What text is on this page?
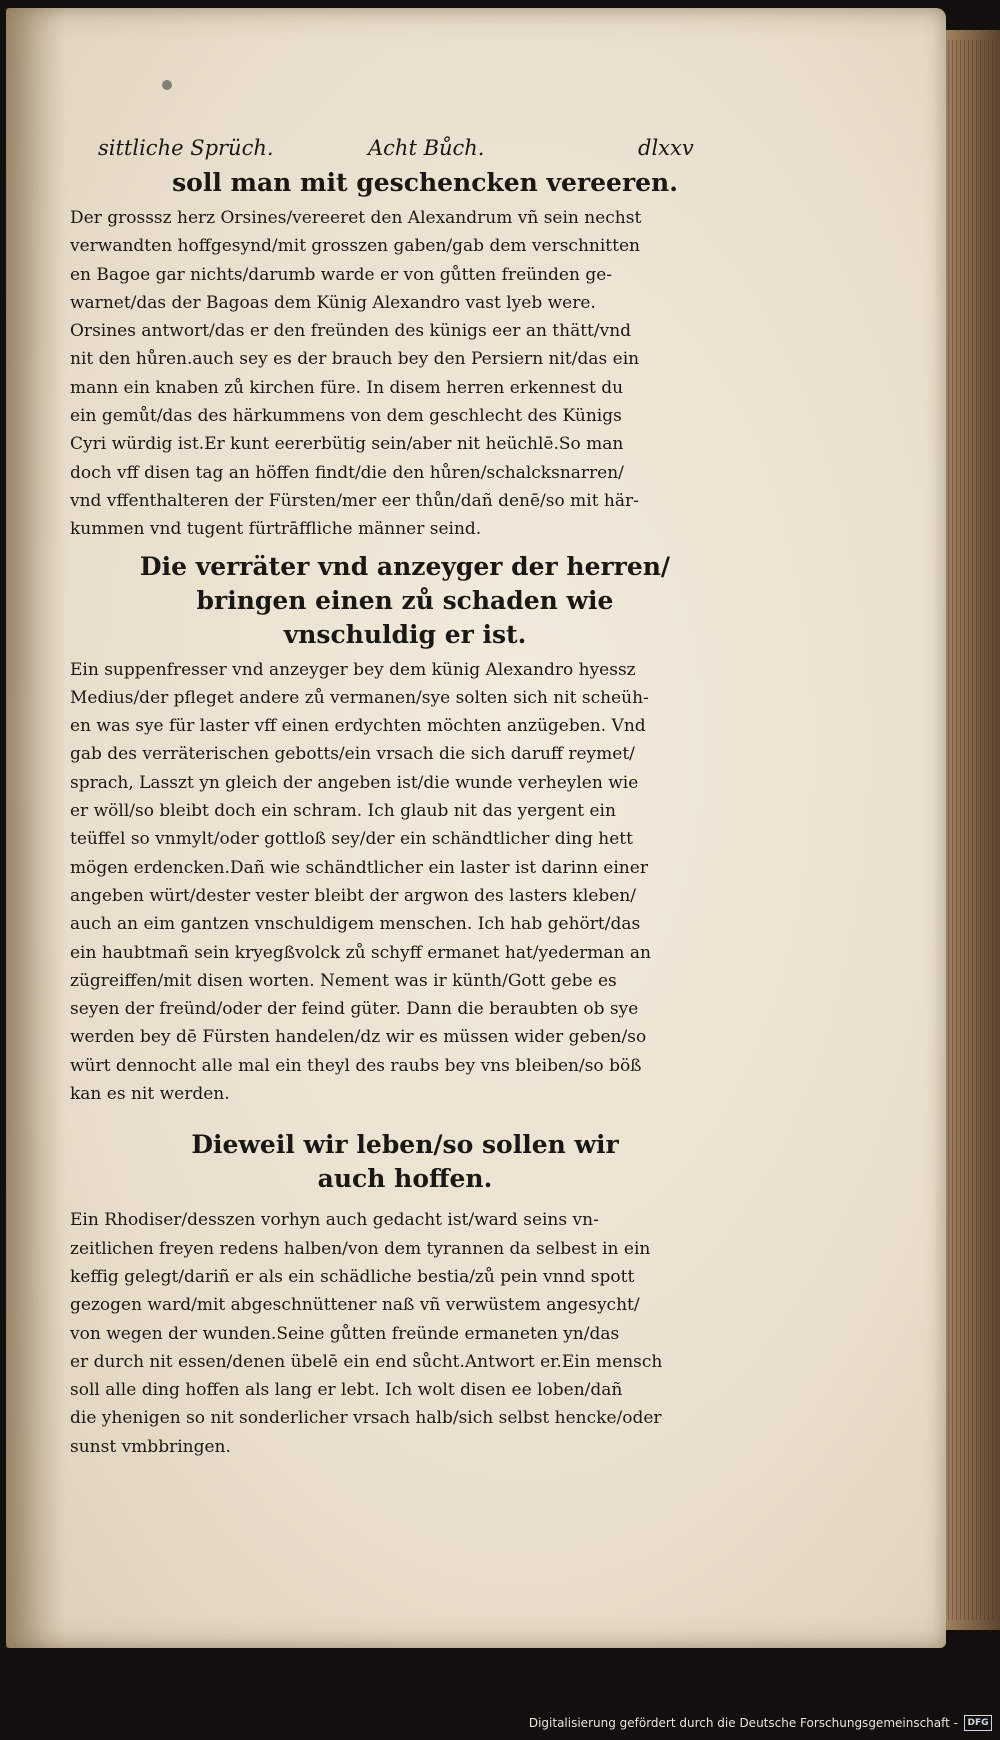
sittliche Sprüch.	Acht Bůch.	dlxxv
soll man mit geschencken vereeren.

Der grosssz herz Orsines/vereeret den Alexandrum vñ sein nechst
verwandten hoffgesynd/mit grosszen gaben/gab dem verschnitten
en Bagoe gar nichts/darumb warde er von gůtten freünden ge-
warnet/das der Bagoas dem Künig Alexandro vast lyeb were.
Orsines antwort/das er den freünden des künigs eer an thätt/vnd
nit den hůren.auch sey es der brauch bey den Persiern nit/das ein
mann ein knaben zů kirchen füre. In disem herren erkennest du
ein gemůt/das des härkummens von dem geschlecht des Künigs
Cyri würdig ist.Er kunt eererbütig sein/aber nit heüchlē.So man
doch vff disen tag an höffen findt/die den hůren/schalcksnarren/
vnd vffenthalteren der Fürsten/mer eer thůn/dañ denē/so mit här-
kummen vnd tugent fürtrāffliche männer seind.

Die verräter vnd anzeyger der herren/
bringen einen zů schaden wie
vnschuldig er ist.

Ein suppenfresser vnd anzeyger bey dem künig Alexandro hyessz
Medius/der pfleget andere zů vermanen/sye solten sich nit scheüh-
en was sye für laster vff einen erdychten möchten anzügeben. Vnd
gab des verräterischen gebotts/ein vrsach die sich daruff reymet/
sprach, Lasszt yn gleich der angeben ist/die wunde verheylen wie
er wöll/so bleibt doch ein schram. Ich glaub nit das yergent ein
teüffel so vnmylt/oder gottloß sey/der ein schändtlicher ding hett
mögen erdencken.Dañ wie schändtlicher ein laster ist darinn einer
angeben würt/dester vester bleibt der argwon des lasters kleben/
auch an eim gantzen vnschuldigem menschen. Ich hab gehört/das
ein haubtmañ sein kryegßvolck zů schyff ermanet hat/yederman an
zügreiffen/mit disen worten. Nement was ir künth/Gott gebe es
seyen der freünd/oder der feind güter. Dann die beraubten ob sye
werden bey dē Fürsten handelen/dz wir es müssen wider geben/so
würt dennocht alle mal ein theyl des raubs bey vns bleiben/so böß
kan es nit werden.

Dieweil wir leben/so sollen wir
auch hoffen.

Ein Rhodiser/desszen vorhyn auch gedacht ist/ward seins vn-
zeitlichen freyen redens halben/von dem tyrannen da selbest in ein
keffig gelegt/dariñ er als ein schädliche bestia/zů pein vnnd spott
gezogen ward/mit abgeschnüttener naß vñ verwüstem angesycht/
von wegen der wunden.Seine gůtten freünde ermaneten yn/das
er durch nit essen/denen übelē ein end sůcht.Antwort er.Ein mensch
soll alle ding hoffen als lang er lebt. Ich wolt disen ee loben/dañ
die yhenigen so nit sonderlicher vrsach halb/sich selbst hencke/oder
sunst vmbbringen.

Digitalisierung gefördert durch die Deutsche Forschungsgemeinschaft -	DFG
